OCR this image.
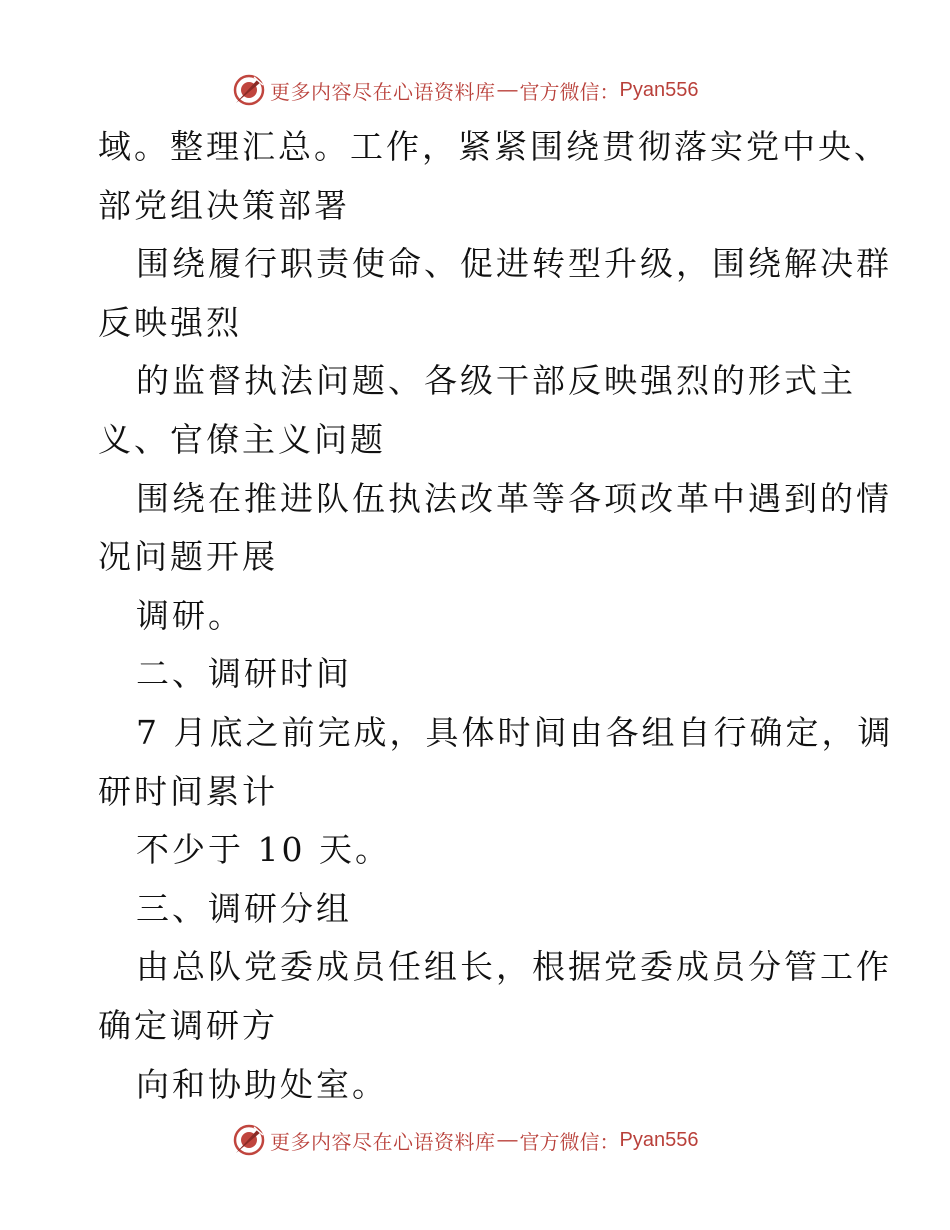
更多内容尽在心语资料库 — 官方微信： Pyan556
域。整理汇总。工作，紧紧围绕贯彻落实党中央、
部党组决策部署
围绕履行职责使命、促进转型升级，围绕解决群
反映强烈
的监督执法问题、各级干部反映强烈的形式主
义、官僚主义问题
围绕在推进队伍执法改革等各项改革中遇到的情
况问题开展
调研。
二、调研时间
7 月底之前完成，具体时间由各组自行确定，调
研时间累计
不少于 10 天。
三、调研分组
由总队党委成员任组长，根据党委成员分管工作
确定调研方
向和协助处室。
更多内容尽在心语资料库 — 官方微信： Pyan556
